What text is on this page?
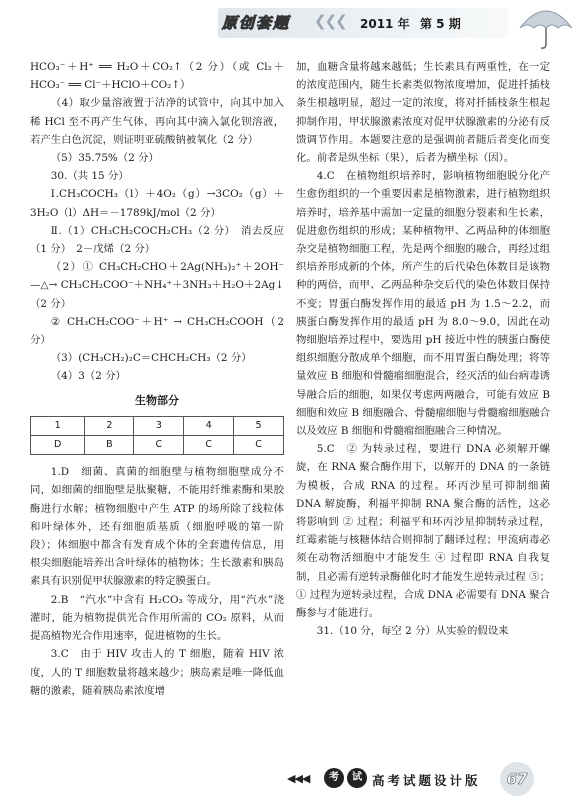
原创套题 ❮❮❮ 2011 年 第 5 期

HCO₃⁻＋H⁺ ══ H₂O＋CO₂↑（2 分）（或 Cl₂＋HCO₃⁻ ══ Cl⁻＋HClO＋CO₂↑）

（4）取少量溶液置于洁净的试管中，向其中加入稀 HCl 至不再产生气体，再向其中滴入氯化钡溶液，若产生白色沉淀，则证明亚硫酸钠被氧化（2 分）

（5）35.75%（2 分）

30.（共 15 分）

Ⅰ.CH₃COCH₃（l）＋4O₂（g）→3CO₂（g）＋3H₂O（l）ΔH＝－1789kJ/mol（2 分）

Ⅱ.（1）CH₃CH₂COCH₂CH₃（2 分）　消去反应（1 分）　2－戊烯（2 分）

（2）① CH₃CH₂CHO＋2Ag(NH₃)₂⁺＋2OH⁻ —△→ CH₃CH₂COO⁻＋NH₄⁺＋3NH₃＋H₂O＋2Ag↓（2 分）

② CH₃CH₂COO⁻＋H⁺ → CH₃CH₂COOH（2 分）

（3）(CH₃CH₂)₂C＝CHCH₂CH₃（2 分）

（4）3（2 分）

生物部分
1	2	3	4	5
D	B	C	C	C

1.D　细菌、真菌的细胞壁与植物细胞壁成分不同，如细菌的细胞壁是肽聚糖，不能用纤维素酶和果胶酶进行水解；植物细胞中产生 ATP 的场所除了线粒体和叶绿体外，还有细胞质基质（细胞呼吸的第一阶段）；体细胞中都含有发育成个体的全套遗传信息，用根尖细胞能培养出含叶绿体的植物体；生长激素和胰岛素具有识别促甲状腺激素的特定膜蛋白。

2.B　“汽水”中含有 H₂CO₃ 等成分，用“汽水”浇灌时，能为植物提供光合作用所需的 CO₂ 原料，从而提高植物光合作用速率，促进植物的生长。

3.C　由于 HIV 攻击人的 T 细胞，随着 HIV 浓度，人的 T 细胞数量将越来越少；胰岛素是唯一降低血糖的激素，随着胰岛素浓度增

加，血糖含量将越来越低；生长素具有两重性，在一定的浓度范围内，随生长素类似物浓度增加，促进扦插枝条生根越明显，超过一定的浓度，将对扦插枝条生根起抑制作用，甲状腺激素浓度对促甲状腺激素的分泌有反馈调节作用。本题要注意的是强调前者随后者变化而变化。前者是纵坐标（果），后者为横坐标（因）。

4.C　在植物组织培养时，影响植物细胞脱分化产生愈伤组织的一个重要因素是植物激素，进行植物组织培养时，培养基中需加一定量的细胞分裂素和生长素，促进愈伤组织的形成；某种植物甲、乙两品种的体细胞杂交是植物细胞工程，先是两个细胞的融合，再经过组织培养形成新的个体，所产生的后代染色体数目是该物种的两倍，而甲、乙两品种杂交后代的染色体数目保持不变；胃蛋白酶发挥作用的最适 pH 为 1.5～2.2，而胰蛋白酶发挥作用的最适 pH 为 8.0～9.0，因此在动物细胞培养过程中，要选用 pH 接近中性的胰蛋白酶使组织细胞分散成单个细胞，而不用胃蛋白酶处理；将等量效应 B 细胞和骨髓瘤细胞混合，经灭活的仙台病毒诱导融合后的细胞，如果仅考虑两两融合，可能有效应 B 细胞和效应 B 细胞融合、骨髓瘤细胞与骨髓瘤细胞融合以及效应 B 细胞和骨髓瘤细胞融合三种情况。

5.C　② 为转录过程，要进行 DNA 必须解开螺旋，在 RNA 聚合酶作用下，以解开的 DNA 的一条链为模板，合成 RNA 的过程。环丙沙星可抑制细菌 DNA 解旋酶，利福平抑制 RNA 聚合酶的活性，这必将影响到 ② 过程；利福平和环丙沙星抑制转录过程，红霉素能与核糖体结合则抑制了翻译过程；甲流病毒必须在动物活细胞中才能发生 ④ 过程即 RNA 自我复制，且必需有逆转录酶催化时才能发生逆转录过程 ⑤；① 过程为逆转录过程，合成 DNA 必需要有 DNA 聚合酶参与才能进行。

31.（10 分，每空 2 分）从实验的假设来

◀◀◀	考	试 高考试题设计版	67
